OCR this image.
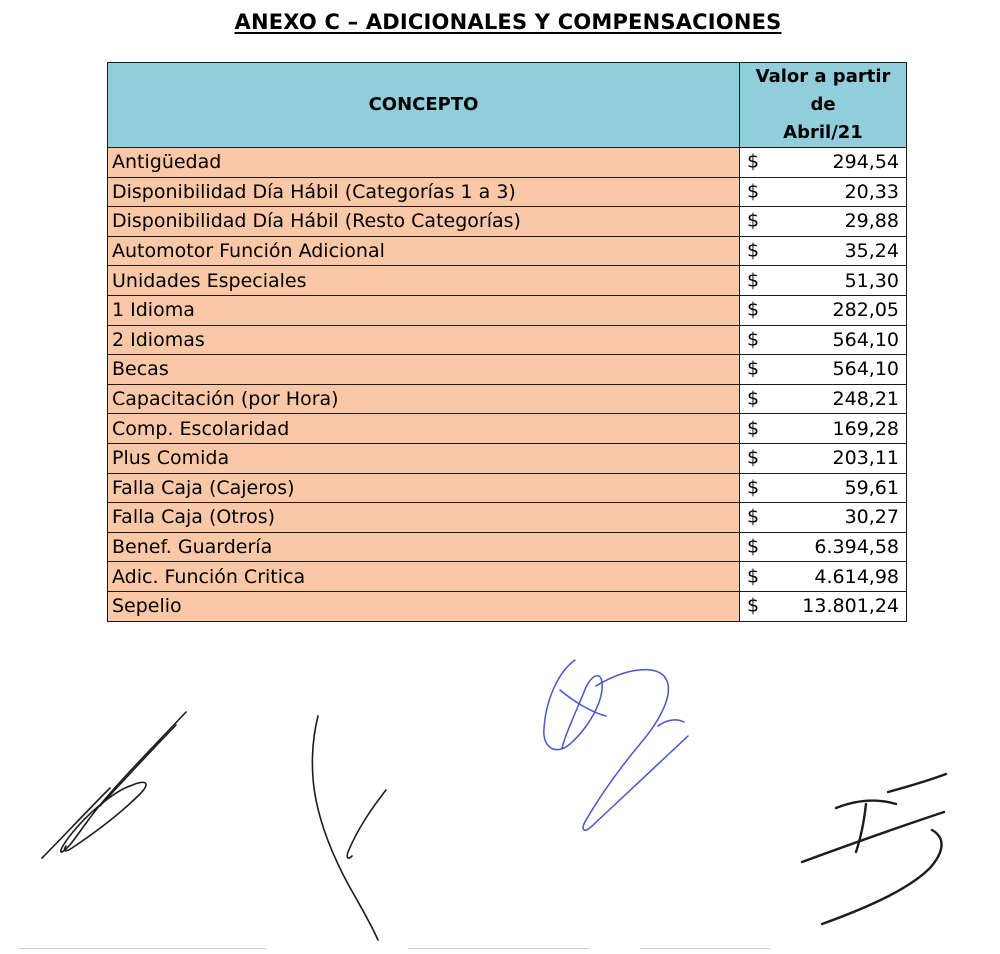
ANEXO C – ADICIONALES Y COMPENSACIONES
CONCEPTO	Valor a partir de
Abril/21

Antigüedad	$ 294,54

Disponibilidad Día Hábil (Categorías 1 a 3)	$ 20,33

Disponibilidad Día Hábil (Resto Categorías)	$ 29,88

Automotor Función Adicional	$ 35,24

Unidades Especiales	$ 51,30

1 Idioma	$ 282,05

2 Idiomas	$ 564,10

Becas	$ 564,10

Capacitación (por Hora)	$ 248,21

Comp. Escolaridad	$ 169,28

Plus Comida	$ 203,11

Falla Caja (Cajeros)	$ 59,61

Falla Caja (Otros)	$ 30,27

Benef. Guardería	$ 6.394,58

Adic. Función Critica	$ 4.614,98

Sepelio	$ 13.801,24
